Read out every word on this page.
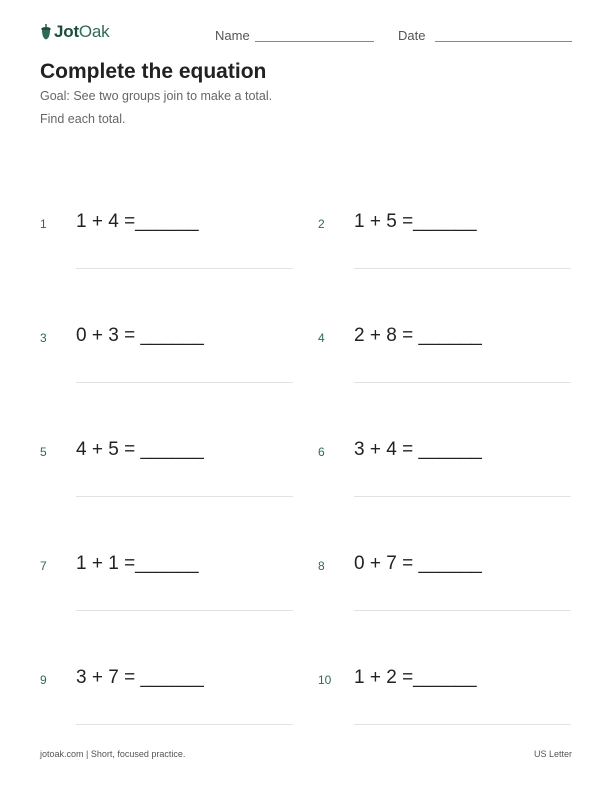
JotOak	Name	Date
Complete the equation
Goal: See two groups join to make a total.
Find each total.
1 1 + 4 =______	2 1 + 5 =______
3 0 + 3 = ______	4 2 + 8 = ______
5 4 + 5 = ______	6 3 + 4 = ______
7 1 + 1 =______	8 0 + 7 = ______
9 3 + 7 = ______	10 1 + 2 =______
jotoak.com | Short, focused practice.	US Letter
